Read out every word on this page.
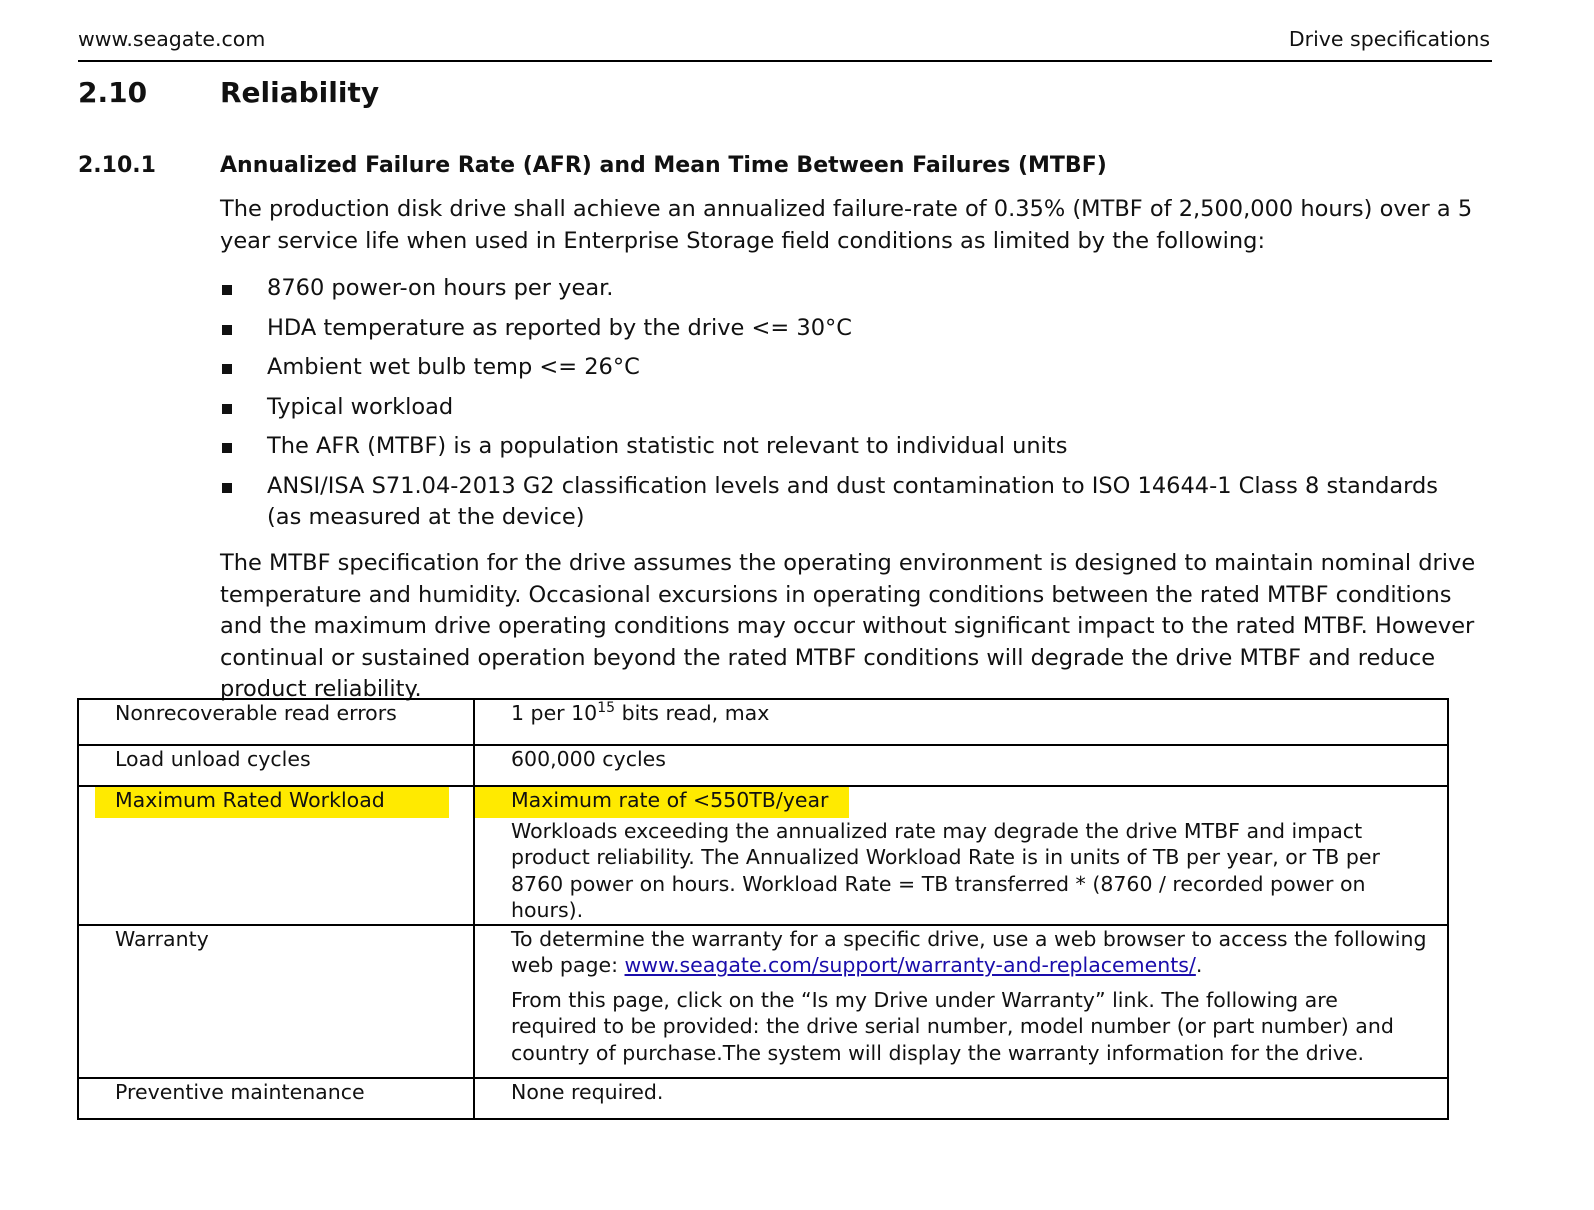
www.seagate.com	Drive specifications
2.10	Reliability
2.10.1	Annualized Failure Rate (AFR) and Mean Time Between Failures (MTBF)

The production disk drive shall achieve an annualized failure-rate of 0.35% (MTBF of 2,500,000 hours) over a 5 year service life when used in Enterprise Storage field conditions as limited by the following:

8760 power-on hours per year.
HDA temperature as reported by the drive <= 30°C
Ambient wet bulb temp <= 26°C
Typical workload
The AFR (MTBF) is a population statistic not relevant to individual units
ANSI/ISA S71.04-2013 G2 classification levels and dust contamination to ISO 14644-1 Class 8 standards (as measured at the device)

The MTBF specification for the drive assumes the operating environment is designed to maintain nominal drive temperature and humidity. Occasional excursions in operating conditions between the rated MTBF conditions and the maximum drive operating conditions may occur without significant impact to the rated MTBF. However continual or sustained operation beyond the rated MTBF conditions will degrade the drive MTBF and reduce product reliability.

Nonrecoverable read errors	1 per $10^{15}$ bits read, max
Load unload cycles	600,000 cycles
Maximum Rated Workload	Maximum rate of <550TB/year
Workloads exceeding the annualized rate may degrade the drive MTBF and impact product reliability. The Annualized Workload Rate is in units of TB per year, or TB per 8760 power on hours. Workload Rate = TB transferred * (8760 / recorded power on hours).

Warranty	To determine the warranty for a specific drive, use a web browser to access the following web page: www.seagate.com/support/warranty-and-replacements/.
From this page, click on the “Is my Drive under Warranty” link. The following are required to be provided: the drive serial number, model number (or part number) and country of purchase.The system will display the warranty information for the drive.

Preventive maintenance	None required.
